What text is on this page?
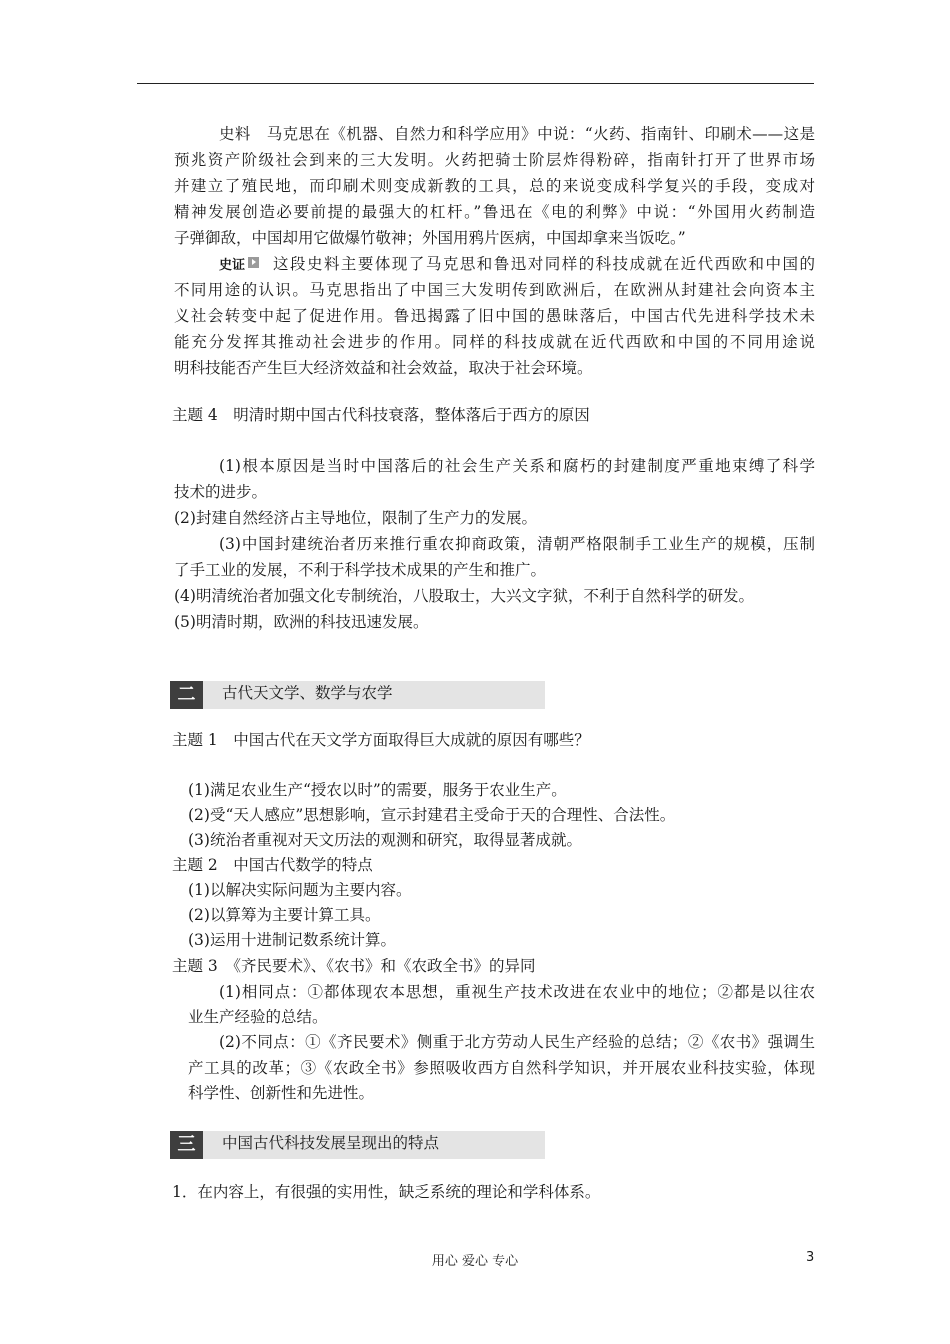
史料　马克思在《机器、自然力和科学应用》中说：“火药、指南针、印刷术——这是
预兆资产阶级社会到来的三大发明。火药把骑士阶层炸得粉碎，指南针打开了世界市场
并建立了殖民地，而印刷术则变成新教的工具，总的来说变成科学复兴的手段，变成对
精神发展创造必要前提的最强大的杠杆。”鲁迅在《电的利弊》中说：“外国用火药制造
子弹御敌，中国却用它做爆竹敬神；外国用鸦片医病，中国却拿来当饭吃。”
史证	这段史料主要体现了马克思和鲁迅对同样的科技成就在近代西欧和中国的
不同用途的认识。马克思指出了中国三大发明传到欧洲后，在欧洲从封建社会向资本主
义社会转变中起了促进作用。鲁迅揭露了旧中国的愚昧落后，中国古代先进科学技术未
能充分发挥其推动社会进步的作用。同样的科技成就在近代西欧和中国的不同用途说
明科技能否产生巨大经济效益和社会效益，取决于社会环境。
主题 4　明清时期中国古代科技衰落，整体落后于西方的原因
(1)根本原因是当时中国落后的社会生产关系和腐朽的封建制度严重地束缚了科学
技术的进步。
(2)封建自然经济占主导地位，限制了生产力的发展。
(3)中国封建统治者历来推行重农抑商政策，清朝严格限制手工业生产的规模，压制
了手工业的发展，不利于科学技术成果的产生和推广。
(4)明清统治者加强文化专制统治，八股取士，大兴文字狱，不利于自然科学的研发。
(5)明清时期，欧洲的科技迅速发展。
二	古代天文学、数学与农学
主题 1　中国古代在天文学方面取得巨大成就的原因有哪些？
(1)满足农业生产“授农以时”的需要，服务于农业生产。
(2)受“天人感应”思想影响，宣示封建君主受命于天的合理性、合法性。
(3)统治者重视对天文历法的观测和研究，取得显著成就。
主题 2　中国古代数学的特点
(1)以解决实际问题为主要内容。
(2)以算筹为主要计算工具。
(3)运用十进制记数系统计算。
主题 3　《齐民要术》、《农书》和《农政全书》的异同
(1)相同点：①都体现农本思想，重视生产技术改进在农业中的地位；②都是以往农
业生产经验的总结。
(2)不同点：①《齐民要术》侧重于北方劳动人民生产经验的总结；②《农书》强调生
产工具的改革；③《农政全书》参照吸收西方自然科学知识，并开展农业科技实验，体现
科学性、创新性和先进性。
三	中国古代科技发展呈现出的特点
1．在内容上，有很强的实用性，缺乏系统的理论和学科体系。
用心 爱心 专心	3
